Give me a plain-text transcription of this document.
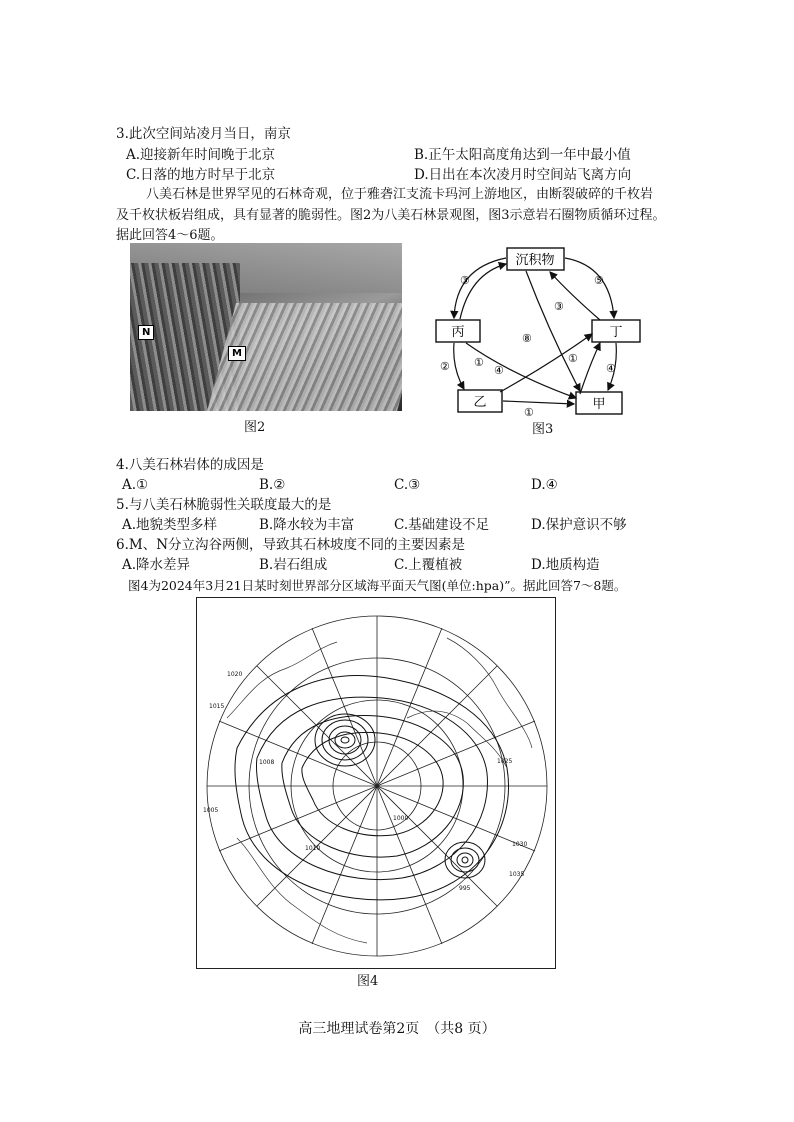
3.此次空间站凌月当日，南京
A.迎接新年时间晚于北京	B.正午太阳高度角达到一年中最小值
C.日落的地方时早于北京	D.日出在本次凌月时空间站飞离方向
八美石林是世界罕见的石林奇观，位于雅砻江支流卡玛河上游地区，由断裂破碎的千枚岩
及千枚状板岩组成，具有显著的脆弱性。图2为八美石林景观图，图3示意岩石圈物质循环过程。
据此回答4～6题。
N
M
图2
沉积物
丙	丁
乙	甲
③	⑤
③
⑧
①
④
②	④
①
①
图3
4.八美石林岩体的成因是
A.①	B.②	C.③	D.④
5.与八美石林脆弱性关联度最大的是
A.地貌类型多样	B.降水较为丰富	C.基础建设不足	D.保护意识不够
6.M、N分立沟谷两侧，导致其石林坡度不同的主要因素是
A.降水差异	B.岩石组成	C.上覆植被	D.地质构造
图4为2024年3月21日某时刻世界部分区域海平面天气图(单位:hpa)”。据此回答7～8题。
1015
1020
1025
1008
1030
1005
1010
1000
995
1035
图4
高三地理试卷第2页　（共8 页）
